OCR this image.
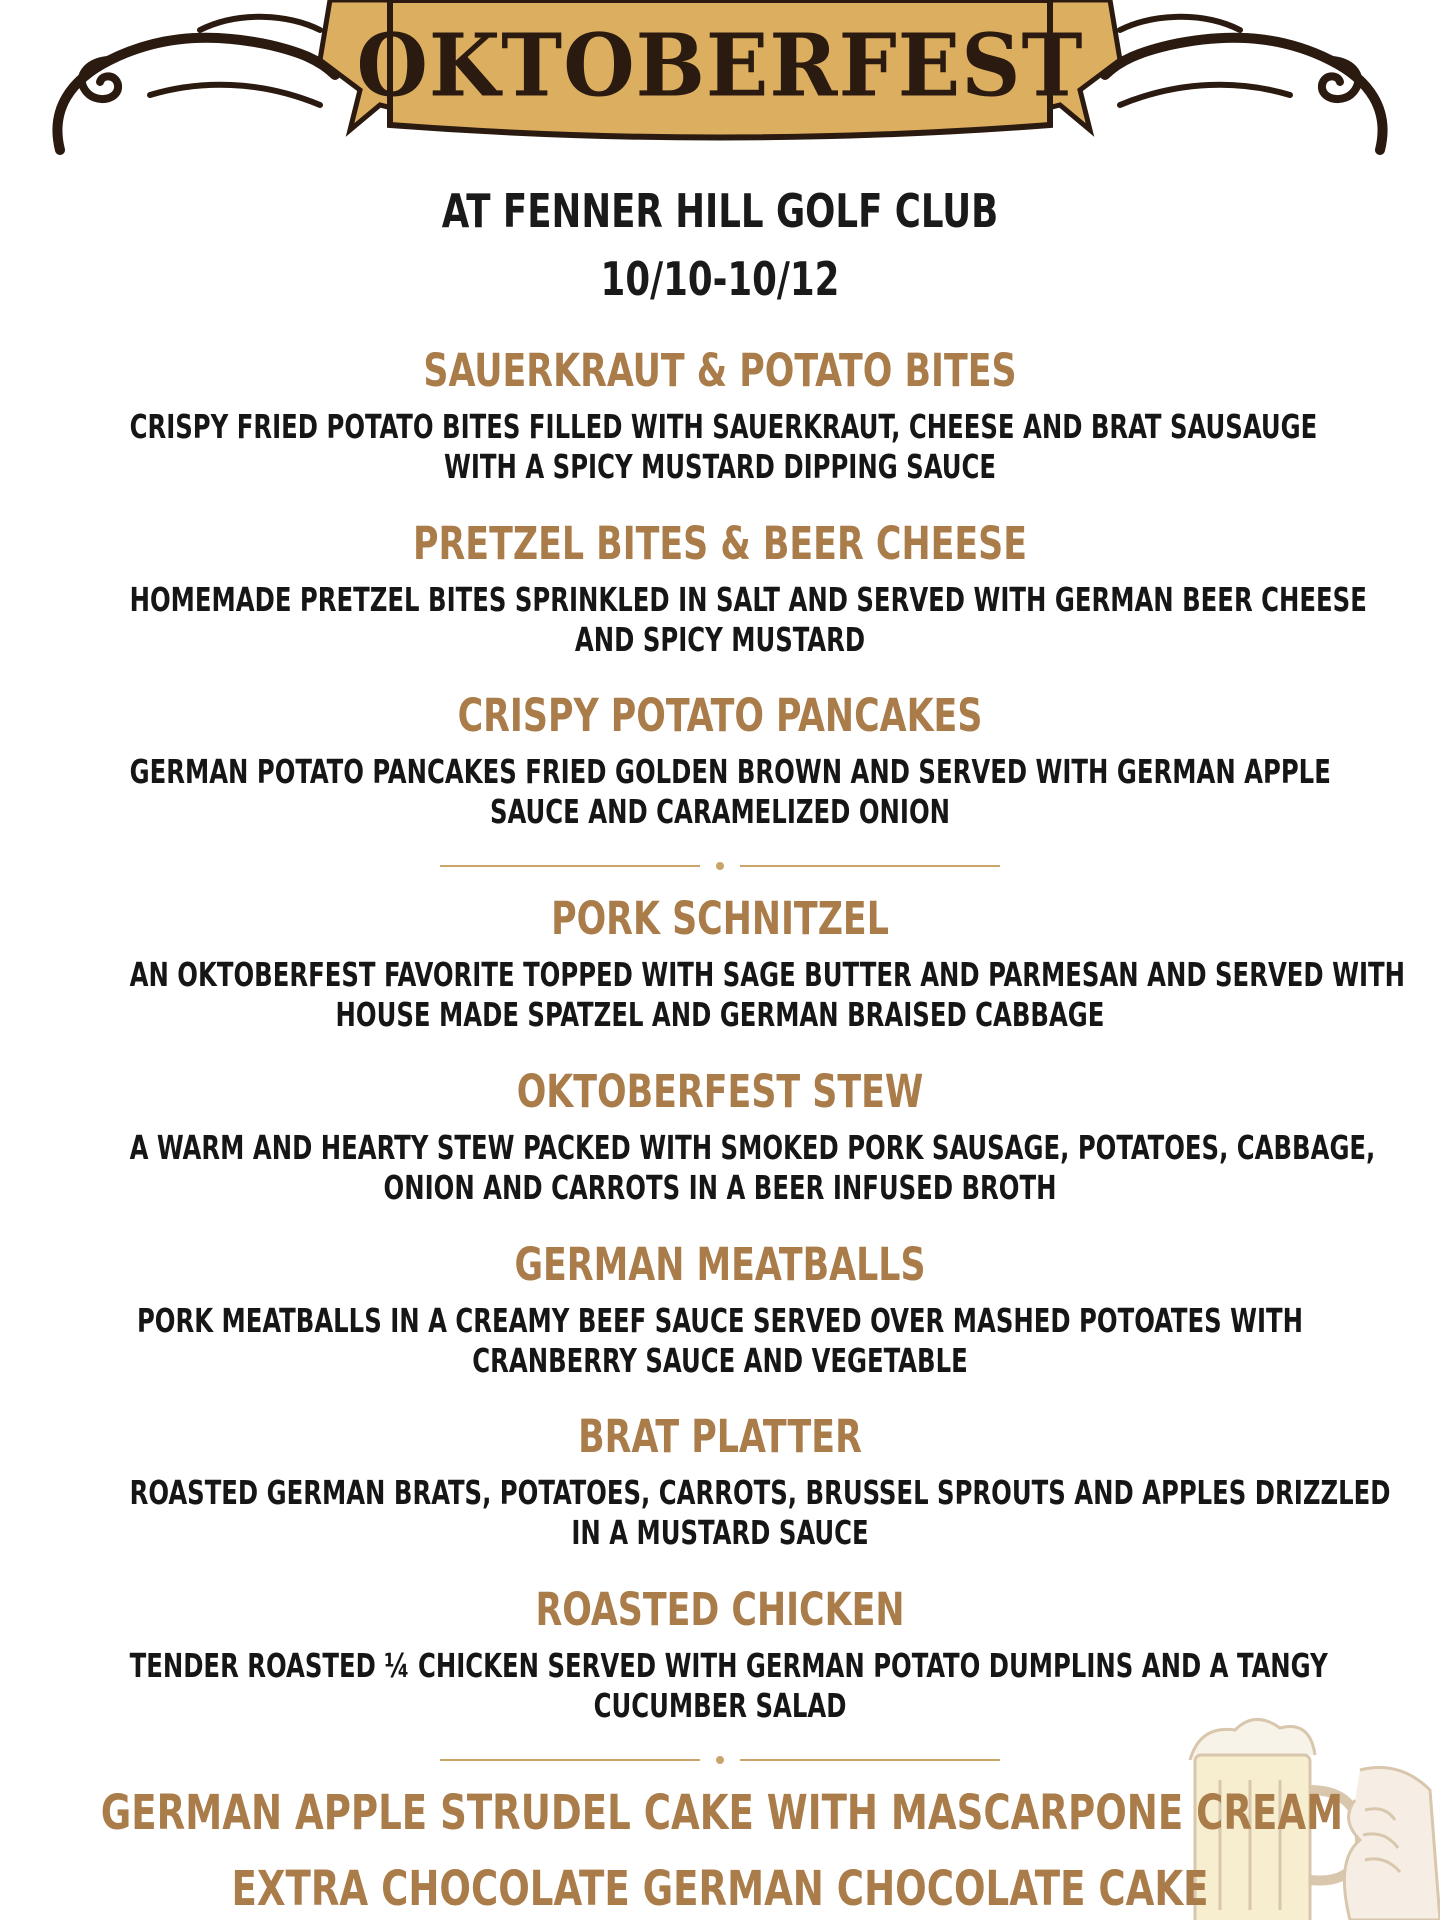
OKTOBERFEST
AT FENNER HILL GOLF CLUB
10/10-10/12
SAUERKRAUT & POTATO BITES
CRISPY FRIED POTATO BITES FILLED WITH SAUERKRAUT, CHEESE AND BRAT SAUSAUGE
WITH A SPICY MUSTARD DIPPING SAUCE
PRETZEL BITES & BEER CHEESE
HOMEMADE PRETZEL BITES SPRINKLED IN SALT AND SERVED WITH GERMAN BEER CHEESE
AND SPICY MUSTARD
CRISPY POTATO PANCAKES
GERMAN POTATO PANCAKES FRIED GOLDEN BROWN AND SERVED WITH GERMAN APPLE
SAUCE AND CARAMELIZED ONION
PORK SCHNITZEL
AN OKTOBERFEST FAVORITE TOPPED WITH SAGE BUTTER AND PARMESAN AND SERVED WITH
HOUSE MADE SPATZEL AND GERMAN BRAISED CABBAGE
OKTOBERFEST STEW
A WARM AND HEARTY STEW PACKED WITH SMOKED PORK SAUSAGE, POTATOES, CABBAGE,
ONION AND CARROTS IN A BEER INFUSED BROTH
GERMAN MEATBALLS
PORK MEATBALLS IN A CREAMY BEEF SAUCE SERVED OVER MASHED POTOATES WITH
CRANBERRY SAUCE AND VEGETABLE
BRAT PLATTER
ROASTED GERMAN BRATS, POTATOES, CARROTS, BRUSSEL SPROUTS AND APPLES DRIZZLED
IN A MUSTARD SAUCE
ROASTED CHICKEN
TENDER ROASTED ¼ CHICKEN SERVED WITH GERMAN POTATO DUMPLINS AND A TANGY
CUCUMBER SALAD
GERMAN APPLE STRUDEL CAKE WITH MASCARPONE CREAM
EXTRA CHOCOLATE GERMAN CHOCOLATE CAKE
